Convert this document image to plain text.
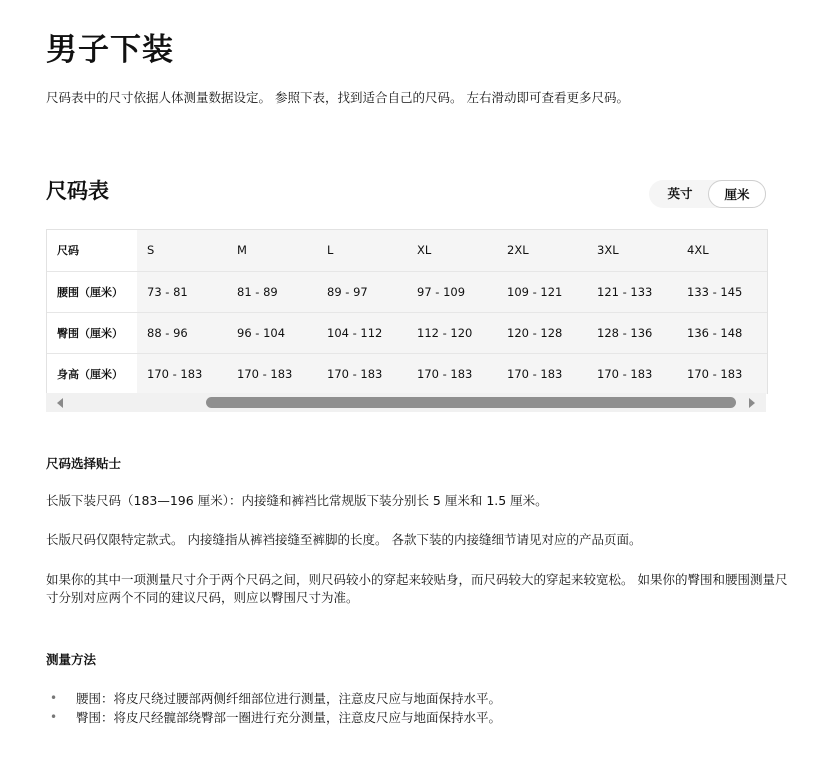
男子下装
尺码表中的尺寸依据人体测量数据设定。 参照下表，找到适合自己的尺码。 左右滑动即可查看更多尺码。
尺码表	英寸	厘米
尺码	S	M	L	XL	2XL	3XL	4XL
腰围（厘米）	73 - 81	81 - 89	89 - 97	97 - 109	109 - 121	121 - 133	133 - 145
臀围（厘米）	88 - 96	96 - 104	104 - 112	112 - 120	120 - 128	128 - 136	136 - 148
身高（厘米）	170 - 183	170 - 183	170 - 183	170 - 183	170 - 183	170 - 183	170 - 183
尺码选择贴士
长版下装尺码（183—196 厘米）：内接缝和裤裆比常规版下装分别长 5 厘米和 1.5 厘米。
长版尺码仅限特定款式。 内接缝指从裤裆接缝至裤脚的长度。 各款下装的内接缝细节请见对应的产品页面。
如果你的其中一项测量尺寸介于两个尺码之间，则尺码较小的穿起来较贴身，而尺码较大的穿起来较宽松。 如果你的臀围和腰围测量尺寸分别对应两个不同的建议尺码，则应以臀围尺寸为准。
测量方法
• 腰围：将皮尺绕过腰部两侧纤细部位进行测量，注意皮尺应与地面保持水平。
• 臀围：将皮尺经髋部绕臀部一圈进行充分测量，注意皮尺应与地面保持水平。
